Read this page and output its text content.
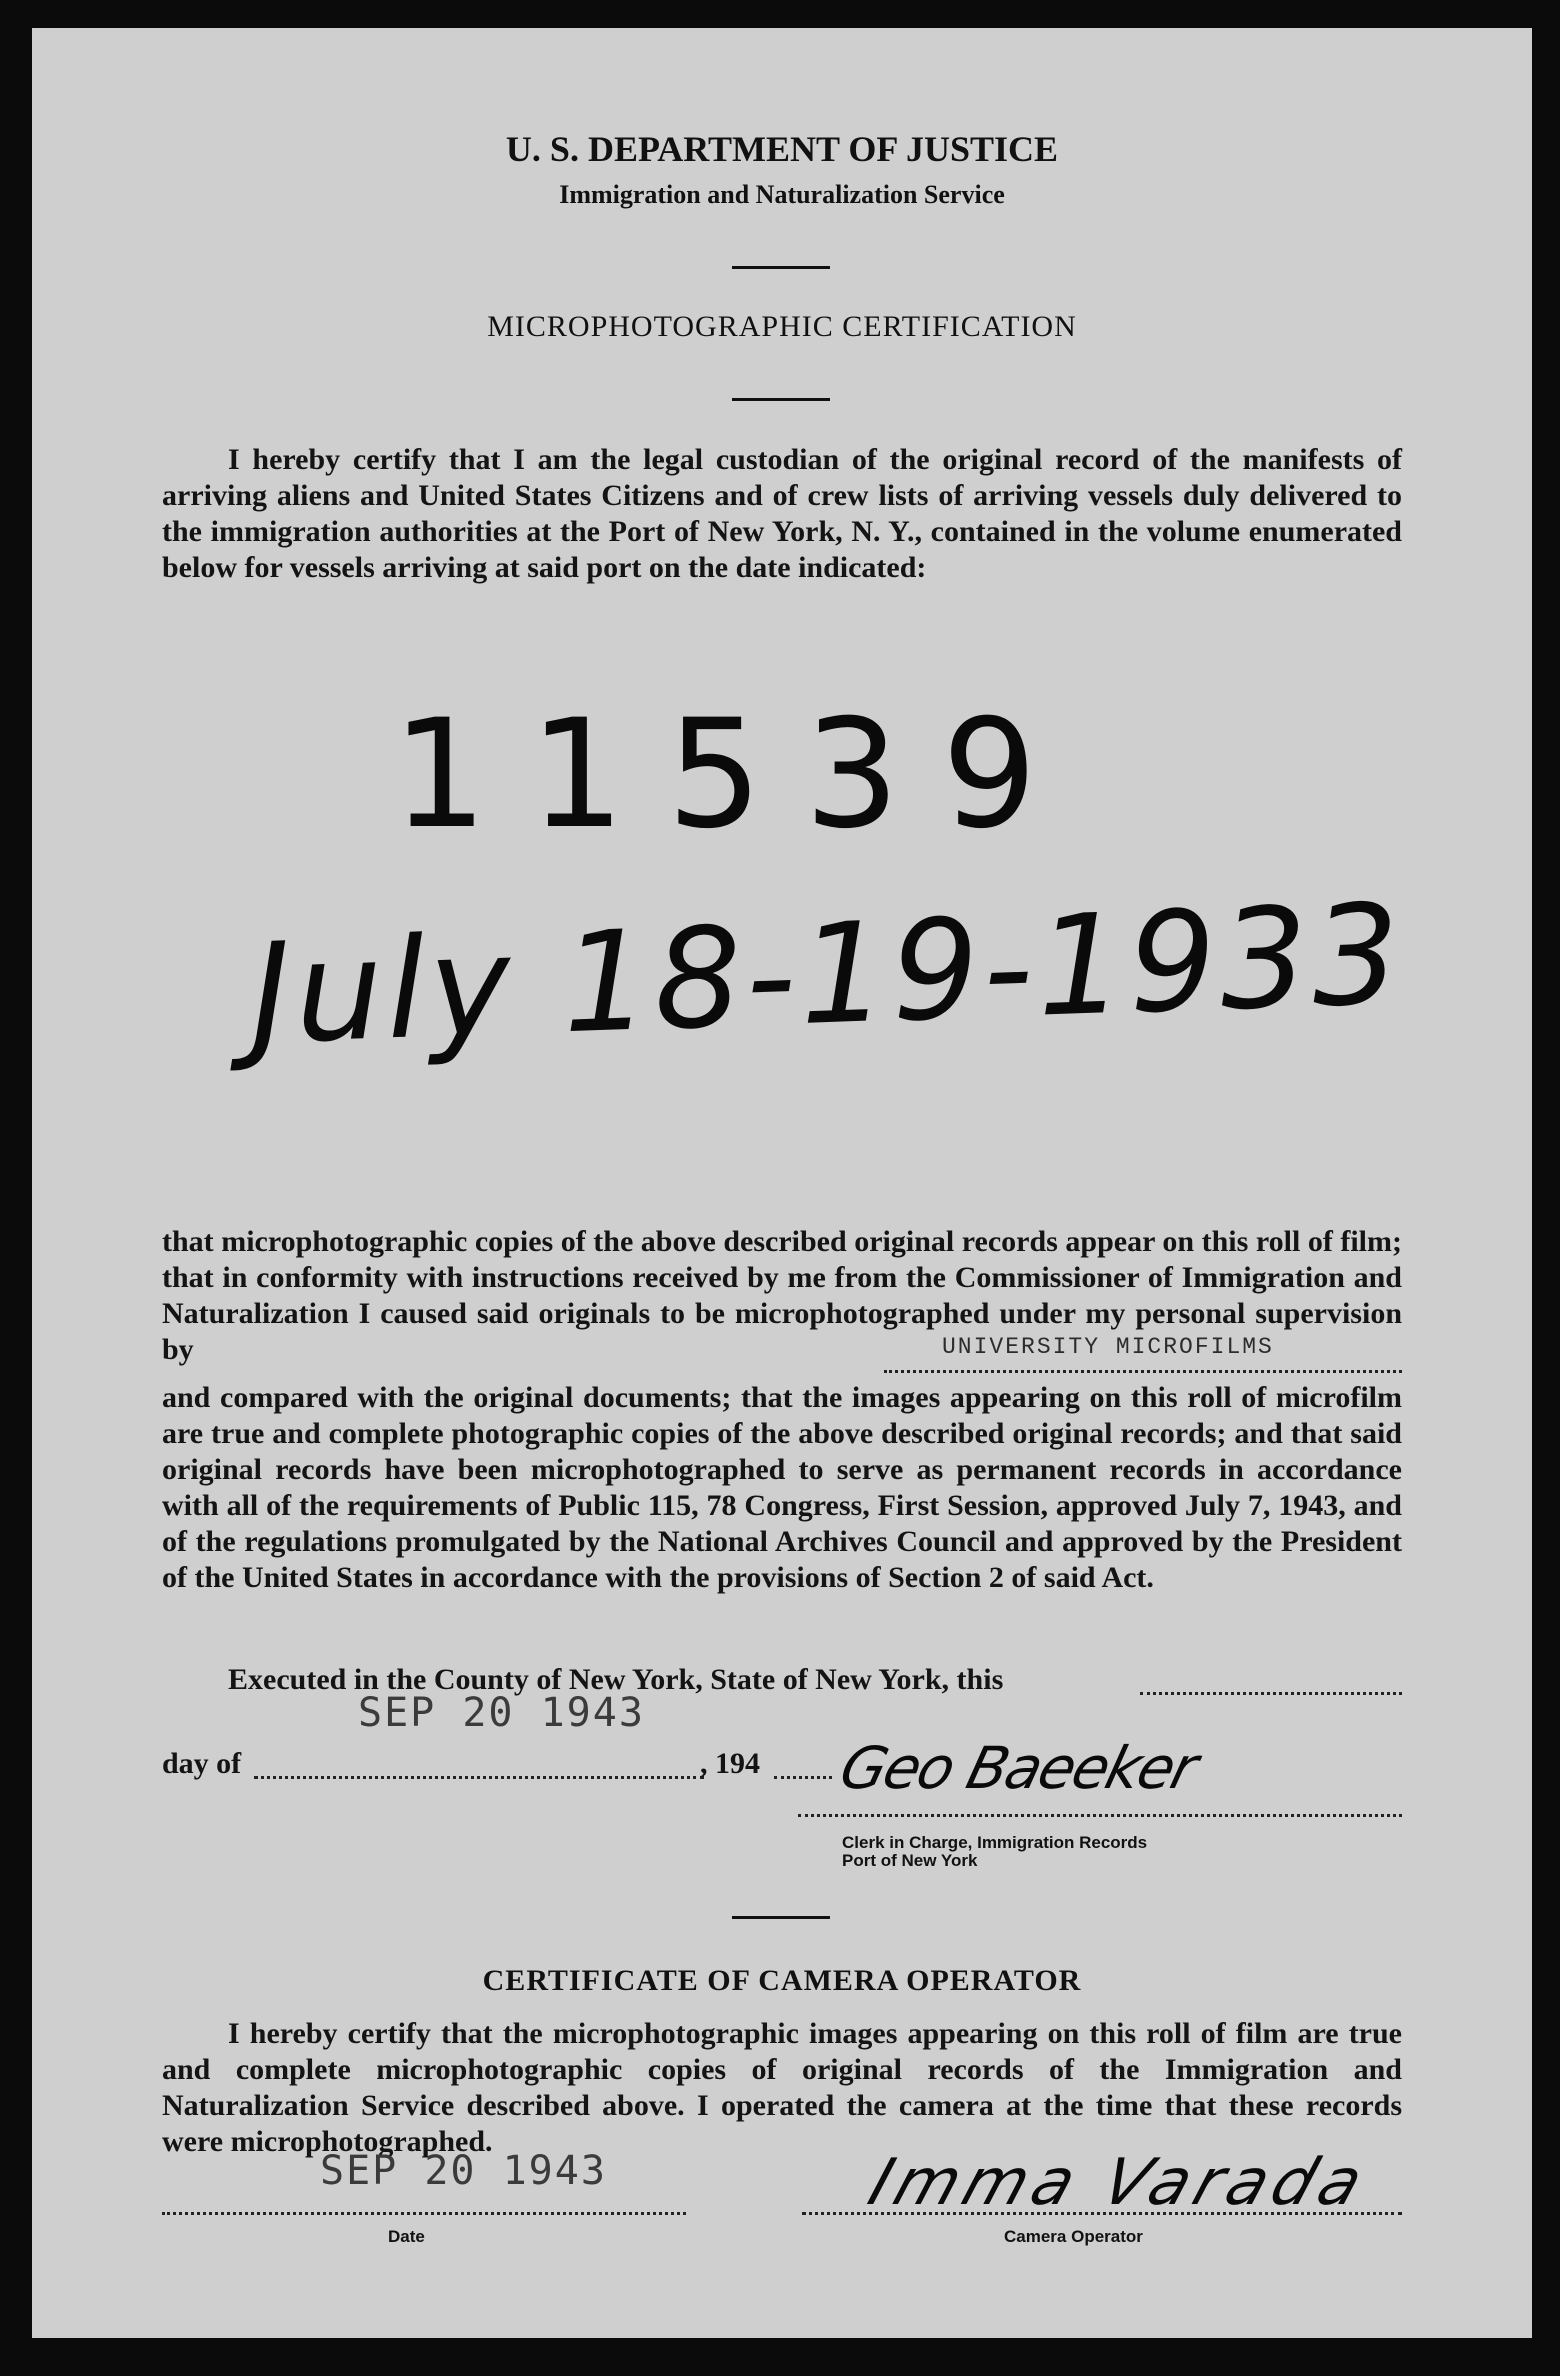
U. S. DEPARTMENT OF JUSTICE
Immigration and Naturalization Service
MICROPHOTOGRAPHIC CERTIFICATION
I hereby certify that I am the legal custodian of the original record of the manifests of arriving aliens and United States Citizens and of crew lists of arriving vessels duly delivered to the immigration authorities at the Port of New York, N. Y., contained in the volume enumerated below for vessels arriving at said port on the date indicated:
11539
July 18-19-1933
that microphotographic copies of the above described original records appear on this roll of film; that in conformity with instructions received by me from the Commissioner of Immigration and Naturalization I caused said originals to be microphotographed under my personal supervision by	UNIVERSITY MICROFILMS
and compared with the original documents; that the images appearing on this roll of microfilm are true and complete photographic copies of the above described original records; and that said original records have been microphotographed to serve as permanent records in accordance with all of the requirements of Public 115, 78 Congress, First Session, approved July 7, 1943, and of the regulations promulgated by the National Archives Council and approved by the President of the United States in accordance with the provisions of Section 2 of said Act.
Executed in the County of New York, State of New York, this
SEP 20 1943
day of	, 194	Geo Baeeker
Clerk in Charge, Immigration Records
Port of New York
CERTIFICATE OF CAMERA OPERATOR
I hereby certify that the microphotographic images appearing on this roll of film are true and complete microphotographic copies of original records of the Immigration and Naturalization Service described above. I operated the camera at the time that these records were microphotographed.
SEP 20 1943
Date
Imma Varada
Camera Operator
